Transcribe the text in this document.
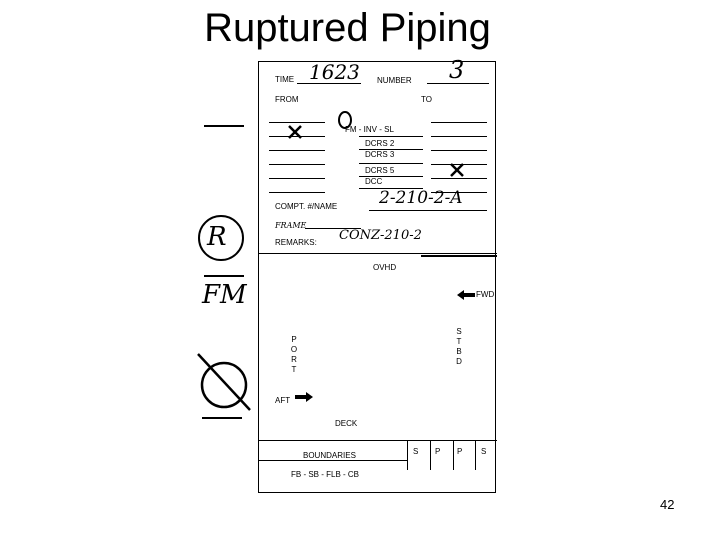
Ruptured Piping
R
FM
TIME 1623 NUMBER 3
FROM	TO
FM - INV - SL
DCRS 2
DCRS 3
DCRS 5
DCC
COMPT. #/NAME 2-210-2-A
FRAME
REMARKS: CONZ-210-2
OVHD
FWD
P
O
R
T
S
T
B
D
AFT
DECK
S P P S
BOUNDARIES
FB - SB - FLB - CB
42
